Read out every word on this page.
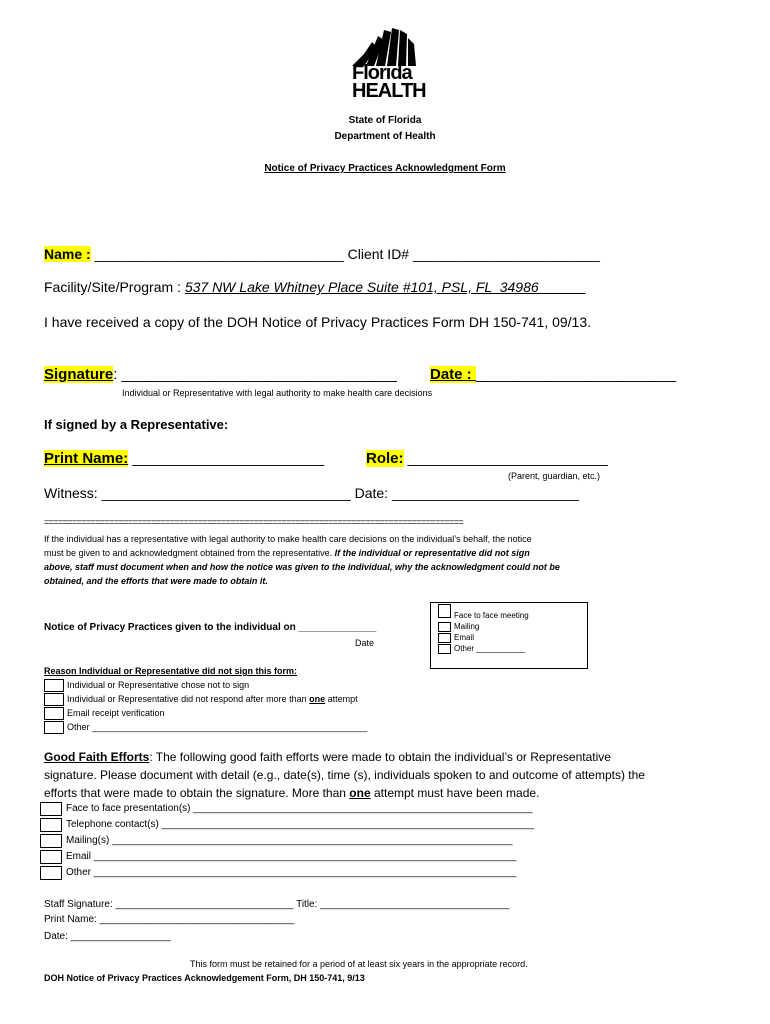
Florida
HEALTH
State of Florida
Department of Health
Notice of Privacy Practices Acknowledgment Form
Name : ________________________________ Client ID# ________________________
Facility/Site/Program : 537 NW Lake Whitney Place Suite #101, PSL, FL  34986
I have received a copy of the DOH Notice of Privacy Practices Form DH 150-741, 09/13.
Signature: _________________________________ Date : ________________________
Individual or Representative with legal authority to make health care decisions
If signed by a Representative:
Print Name: _______________________	Role: ________________________
(Parent, guardian, etc.)
Witness: ________________________________ Date: ________________________
==========================================================================================
If the individual has a representative with legal authority to make health care decisions on the individual’s behalf, the notice
must be given to and acknowledgment obtained from the representative. If the individual or representative did not sign
above, staff must document when and how the notice was given to the individual, why the acknowledgment could not be
obtained, and the efforts that were made to obtain it.
Notice of Privacy Practices given to the individual on ______________
Date
Face to face meeting
Mailing
Email
Other ___________
Reason Individual or Representative did not sign this form:
Individual or Representative chose not to sign
Individual or Representative did not respond after more than one attempt
Email receipt verification
Other _______________________________________________________
Good Faith Efforts: The following good faith efforts were made to obtain the individual’s or Representative
signature. Please document with detail (e.g., date(s), time (s), individuals spoken to and outcome of attempts) the
efforts that were made to obtain the signature. More than one attempt must have been made.
Face to face presentation(s) _____________________________________________________________
Telephone contact(s) ___________________________________________________________________
Mailing(s) ________________________________________________________________________
Email ____________________________________________________________________________
Other ____________________________________________________________________________
Staff Signature: ________________________________ Title: __________________________________
Print Name: ___________________________________
Date: __________________
This form must be retained for a period of at least six years in the appropriate record.
DOH Notice of Privacy Practices Acknowledgement Form, DH 150-741, 9/13
